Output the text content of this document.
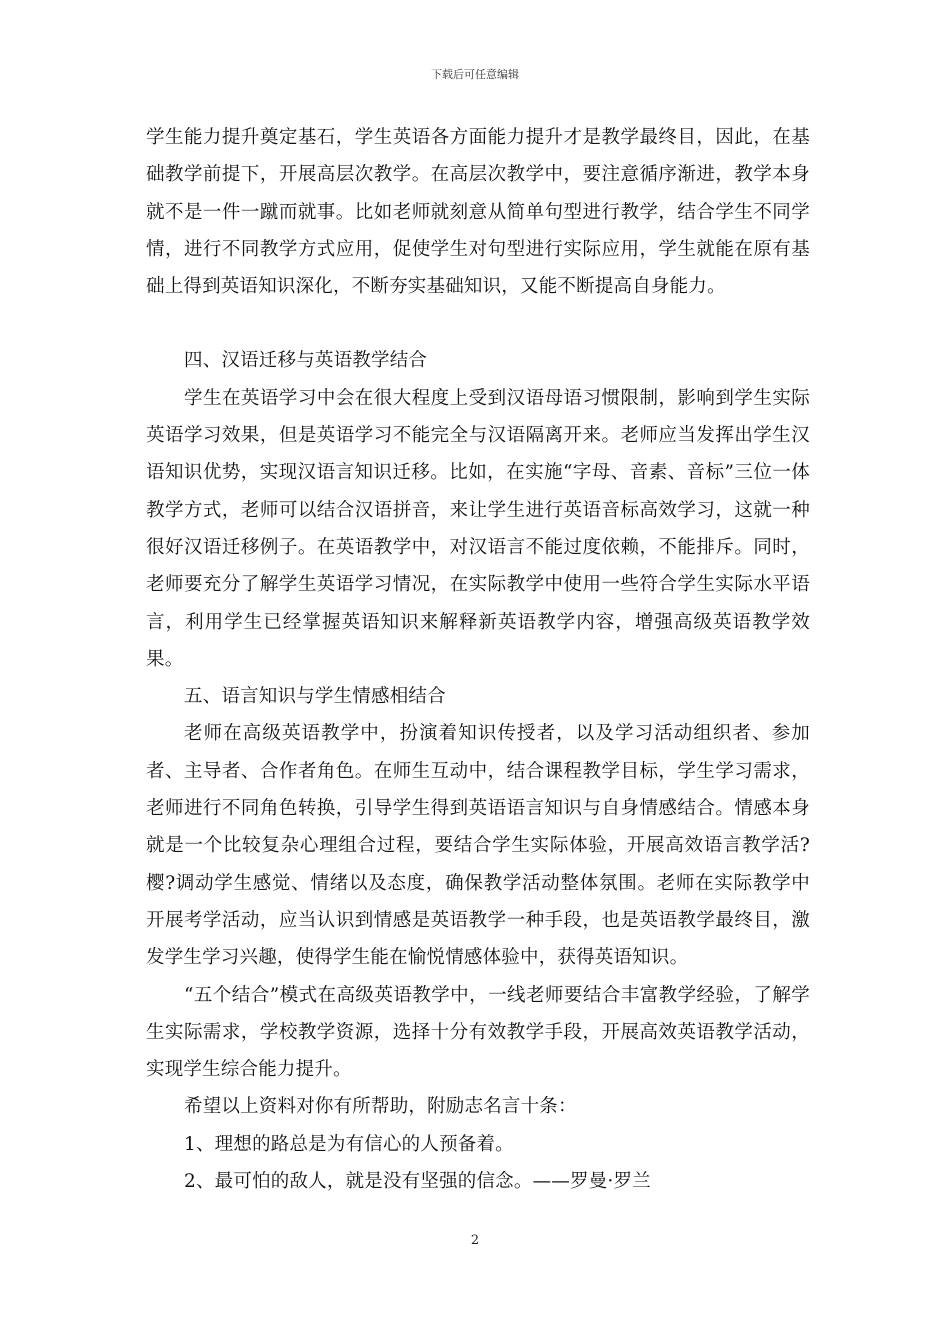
下载后可任意编辑

学生能力提升奠定基石，学生英语各方面能力提升才是教学最终目，因此，在基础教学前提下，开展高层次教学。在高层次教学中，要注意循序渐进，教学本身就不是一件一蹴而就事。比如老师就刻意从简单句型进行教学，结合学生不同学情，进行不同教学方式应用，促使学生对句型进行实际应用，学生就能在原有基础上得到英语知识深化，不断夯实基础知识，又能不断提高自身能力。

四、汉语迁移与英语教学结合

学生在英语学习中会在很大程度上受到汉语母语习惯限制，影响到学生实际英语学习效果，但是英语学习不能完全与汉语隔离开来。老师应当发挥出学生汉语知识优势，实现汉语言知识迁移。比如，在实施“字母、音素、音标”三位一体教学方式，老师可以结合汉语拼音，来让学生进行英语音标高效学习，这就一种很好汉语迁移例子。在英语教学中，对汉语言不能过度依赖，不能排斥。同时，老师要充分了解学生英语学习情况，在实际教学中使用一些符合学生实际水平语言，利用学生已经掌握英语知识来解释新英语教学内容，增强高级英语教学效果。

五、语言知识与学生情感相结合

老师在高级英语教学中，扮演着知识传授者，以及学习活动组织者、参加者、主导者、合作者角色。在师生互动中，结合课程教学目标，学生学习需求，老师进行不同角色转换，引导学生得到英语语言知识与自身情感结合。情感本身就是一个比较复杂心理组合过程，要结合学生实际体验，开展高效语言教学活?樱?调动学生感觉、情绪以及态度，确保教学活动整体氛围。老师在实际教学中开展考学活动，应当认识到情感是英语教学一种手段，也是英语教学最终目，激发学生学习兴趣，使得学生能在愉悦情感体验中，获得英语知识。

“五个结合”模式在高级英语教学中，一线老师要结合丰富教学经验，了解学生实际需求，学校教学资源，选择十分有效教学手段，开展高效英语教学活动，实现学生综合能力提升。

希望以上资料对你有所帮助，附励志名言十条：

1、理想的路总是为有信心的人预备着。

2、最可怕的敌人，就是没有坚强的信念。——罗曼·罗兰

2
